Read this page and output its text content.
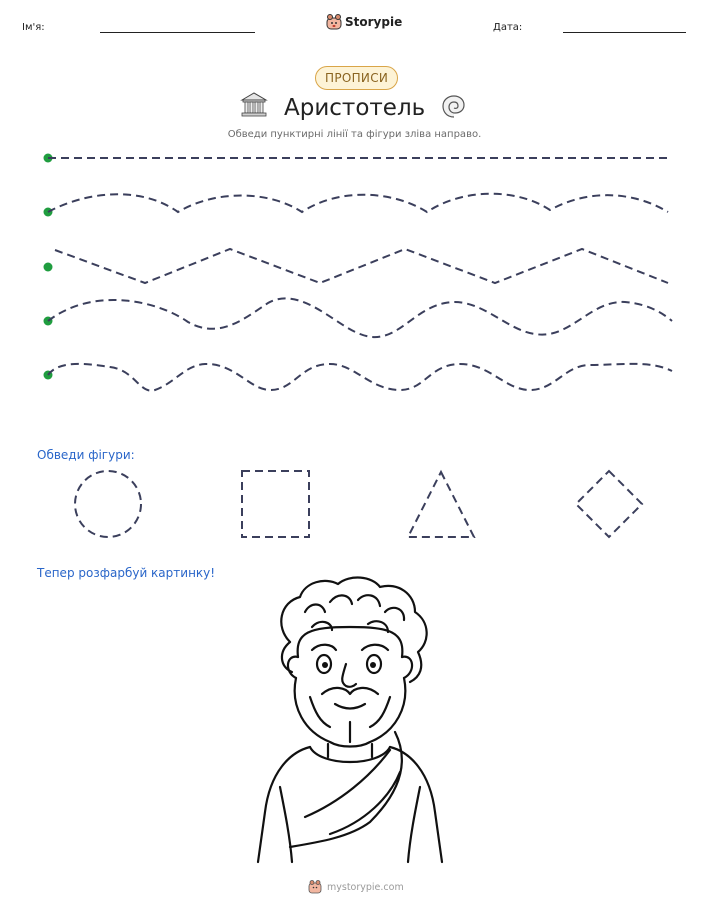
Ім'я:	Storypie	Дата:
ПРОПИСИ
Аристотель
Обведи пунктирні лінії та фігури зліва направо.
Обведи фігури:
Тепер розфарбуй картинку!
mystorypie.com
